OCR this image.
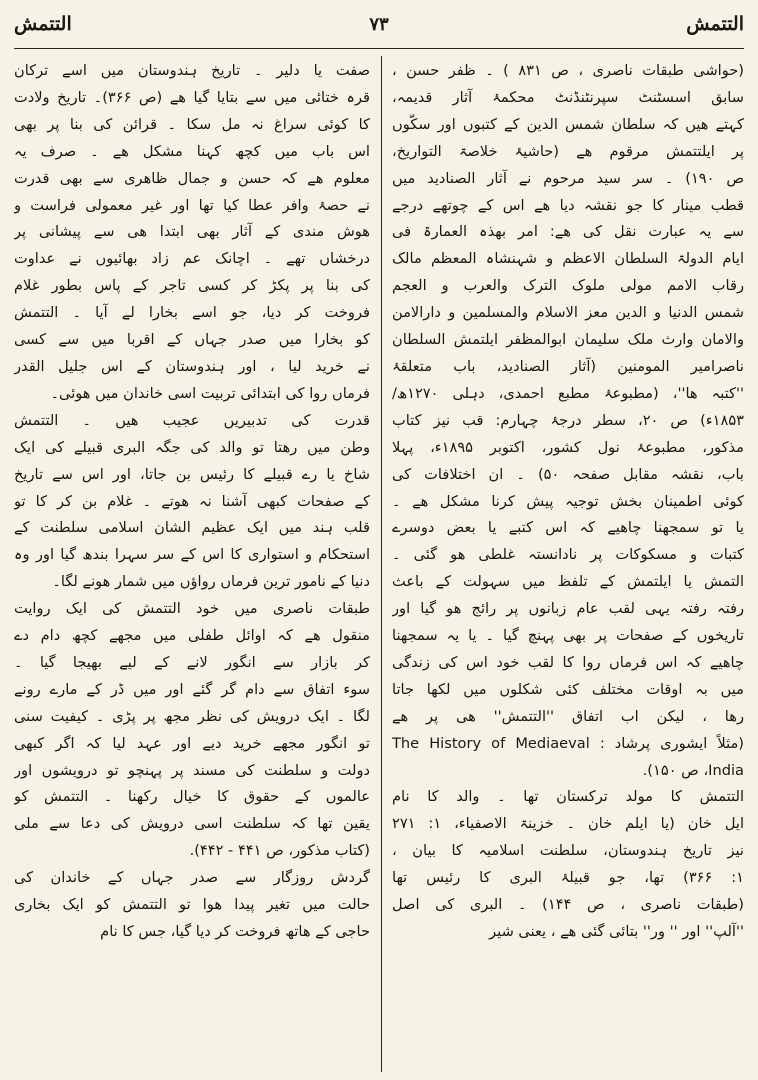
التتمش	۷۳	التتمش
(حواشی طبقات ناصری ، ص ۸۳۱ ) ۔ ظفر حسن ،
سابق اسسٹنٹ سپرنٹنڈنٹ محکمۂ آثار قدیمہ،
کہتے ھیں کہ سلطان شمس الدین کے کتبوں اور سکّوں
پر ایلتتمش مرقوم ھے (حاشیۂ خلاصۃ التواریخ،
ص ۱۹۰) ۔ سر سید مرحوم نے آثار الصنادید میں
قطب مینار کا جو نقشہ دیا ھے اس کے چوتھے درجے
سے یہ عبارت نقل کی ھے: امر بھذہ العمارۃ فی
ایام الدولۃ السلطان الاعظم و شہنشاہ المعظم مالک
رقاب الامم مولی ملوک الترک والعرب و العجم
شمس الدنیا و الدین معز الاسلام والمسلمین و دارالامن
والامان وارث ملک سلیمان ابوالمظفر ایلتمش السلطان
ناصرامیر المومنین (آثار الصنادید، باب متعلقۂ
''کتبہ ھا''، (مطبوعۂ مطبع احمدی، دہلی ۱۲۷۰ھ/
۱۸۵۳ء) ص ۲۰، سطر درجۂ چہارم: قب نیز کتاب
مذکور، مطبوعۂ نول کشور، اکتوبر ۱۸۹۵ء، پہلا
باب، نقشہ مقابل صفحہ ۵۰) ۔ ان اختلافات کی
کوئی اطمینان بخش توجیہ پیش کرنا مشکل ھے ۔
یا تو سمجھنا چاھیے کہ اس کتبے یا بعض دوسرے
کتبات و مسکوکات پر نادانستہ غلطی ھو گئی ۔
التمش یا ایلتمش کے تلفظ میں سہولت کے باعث
رفتہ رفتہ یہی لقب عام زبانوں پر رائج ھو گیا اور
تاریخوں کے صفحات پر بھی پہنچ گیا ۔ یا یہ سمجھنا
چاھیے کہ اس فرماں روا کا لقب خود اس کی زندگی
میں بہ اوقات مختلف کئی شکلوں میں لکھا جاتا
رھا ، لیکن اب اتفاق ''التتمش'' ھی پر ھے
(مثلاً ایشوری پرشاد : The History of Mediaeval
India، ص ۱۵۰).
التتمش کا مولد ترکستان تھا ۔ والد کا نام
ایل خان (یا ایلم خان ۔ خزینۃ الاصفیاء، ۱: ۲۷۱
نیز تاریخ ہندوستان، سلطنت اسلامیہ کا بیان ،
۱: ۳۶۶) تھا، جو قبیلۂ البری کا رئیس تھا
(طبقات ناصری ، ص ۱۴۴) ۔ البری کی اصل
''آلپ'' اور '' ور'' بتائی گئی ھے ، یعنی شیر
صفت یا دلیر ۔ تاریخ ہندوستان میں اسے ترکان
قرہ ختائی میں سے بتایا گیا ھے (ص ۳۶۶)۔ تاریخ ولادت
کا کوئی سراغ نہ مل سکا ۔ قرائن کی بنا پر بھی
اس باب میں کچھ کہنا مشکل ھے ۔ صرف یہ
معلوم ھے کہ حسن و جمال ظاھری سے بھی قدرت
نے حصۂ وافر عطا کیا تھا اور غیر معمولی فراست و
ھوش مندی کے آثار بھی ابتدا ھی سے پیشانی پر
درخشاں تھے ۔ اچانک عم زاد بھائیوں نے عداوت
کی بنا پر پکڑ کر کسی تاجر کے پاس بطور غلام
فروخت کر دیا، جو اسے بخارا لے آیا ۔ التتمش
کو بخارا میں صدر جہاں کے اقربا میں سے کسی
نے خرید لیا ، اور ہندوستان کے اس جلیل القدر
فرماں روا کی ابتدائی تربیت اسی خاندان میں ھوئی۔
قدرت کی تدبیریں عجیب ھیں ۔ التتمش
وطن میں رھتا تو والد کی جگہ البری قبیلے کی ایک
شاخ یا رے قبیلے کا رئیس بن جاتا، اور اس سے تاریخ
کے صفحات کبھی آشنا نہ ھوتے ۔ غلام بن کر کا تو
قلب ہند میں ایک عظیم الشان اسلامی سلطنت کے
استحکام و استواری کا اس کے سر سہرا بندھ گیا اور وہ
دنیا کے نامور ترین فرماں رواؤں میں شمار ھونے لگا۔
طبقات ناصری میں خود التتمش کی ایک روایت
منقول ھے کہ اوائل طفلی میں مجھے کچھ دام دے
کر بازار سے انگور لانے کے لیے بھیجا گیا ۔
سوء اتفاق سے دام گر گئے اور میں ڈر کے مارے رونے
لگا ۔ ایک درویش کی نظر مجھ پر پڑی ۔ کیفیت سنی
تو انگور مجھے خرید دیے اور عہد لیا کہ اگر کبھی
دولت و سلطنت کی مسند پر پہنچو تو درویشوں اور
عالموں کے حقوق کا خیال رکھنا ۔ التتمش کو
یقین تھا کہ سلطنت اسی درویش کی دعا سے ملی
(کتاب مذکور، ص ۴۴۱ - ۴۴۲).
گردش روزگار سے صدر جہاں کے خاندان کی
حالت میں تغیر پیدا ھوا تو التتمش کو ایک بخاری
حاجی کے ھاتھ فروخت کر دیا گیا، جس کا نام
